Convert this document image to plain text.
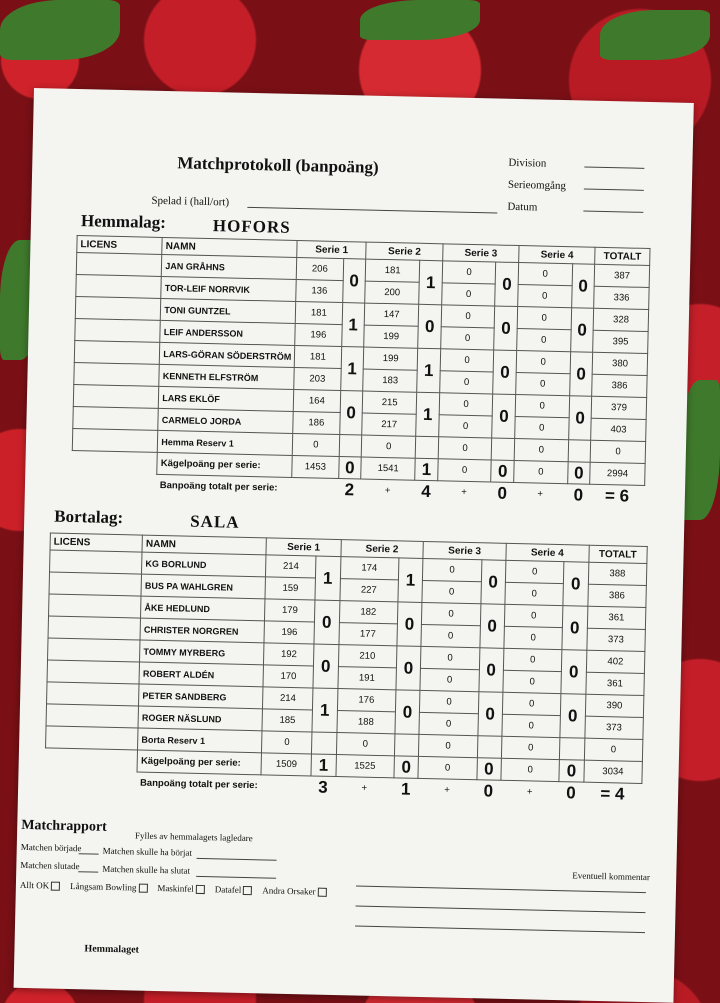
Matchprotokoll (banpoäng)	Division
Serieomgång
Datum
Spelad i (hall/ort)
Hemmalag:	HOFORS
LICENS	NAMN	Serie 1		Serie 2		Serie 3		Serie 4		TOTALT
	JAN GRÅHNS	206	0	181	1	0	0	0	0	387
	TOR-LEIF NORRVIK	136		200		0		0		336
	TONI GUNTZEL	181	1	147	0	0	0	0	0	328
	LEIF ANDERSSON	196		199		0		0		395
	LARS-GÖRAN SÖDERSTRÖM	181	1	199	1	0	0	0	0	380
	KENNETH ELFSTRÖM	203		183		0		0		386
	LARS EKLÖF	164	0	215	1	0	0	0	0	379
	CARMELO JORDA	186		217		0		0		403
	Hemma Reserv 1	0		0		0		0		0
	Kägelpoäng per serie:	1453	0	1541	1	0	0	0	0	2994
	Banpoäng totalt per serie:		2	+	4	+	0	+	0	= 6
Bortalag:	SALA
LICENS	NAMN	Serie 1		Serie 2		Serie 3		Serie 4		TOTALT
	KG BORLUND	214	1	174	1	0	0	0	0	388
	BUS PA WAHLGREN	159		227		0		0		386
	ÅKE HEDLUND	179	0	182	0	0	0	0	0	361
	CHRISTER NORGREN	196		177		0		0		373
	TOMMY MYRBERG	192	0	210	0	0	0	0	0	402
	ROBERT ALDÉN	170		191		0		0		361
	PETER SANDBERG	214	1	176	0	0	0	0	0	390
	ROGER NÄSLUND	185		188		0		0		373
	Borta Reserv 1	0		0		0		0		0
	Kägelpoäng per serie:	1509	1	1525	0	0	0	0	0	3034
	Banpoäng totalt per serie:		3	+	1	+	0	+	0	= 4
Matchrapport
Fylles av hemmalagets lagledare
Matchen började Matchen skulle ha börjat
Matchen slutade Matchen skulle ha slutat
Eventuell kommentar
Allt OK Långsam Bowling Maskinfel Datafel Andra Orsaker
Hemmalaget
